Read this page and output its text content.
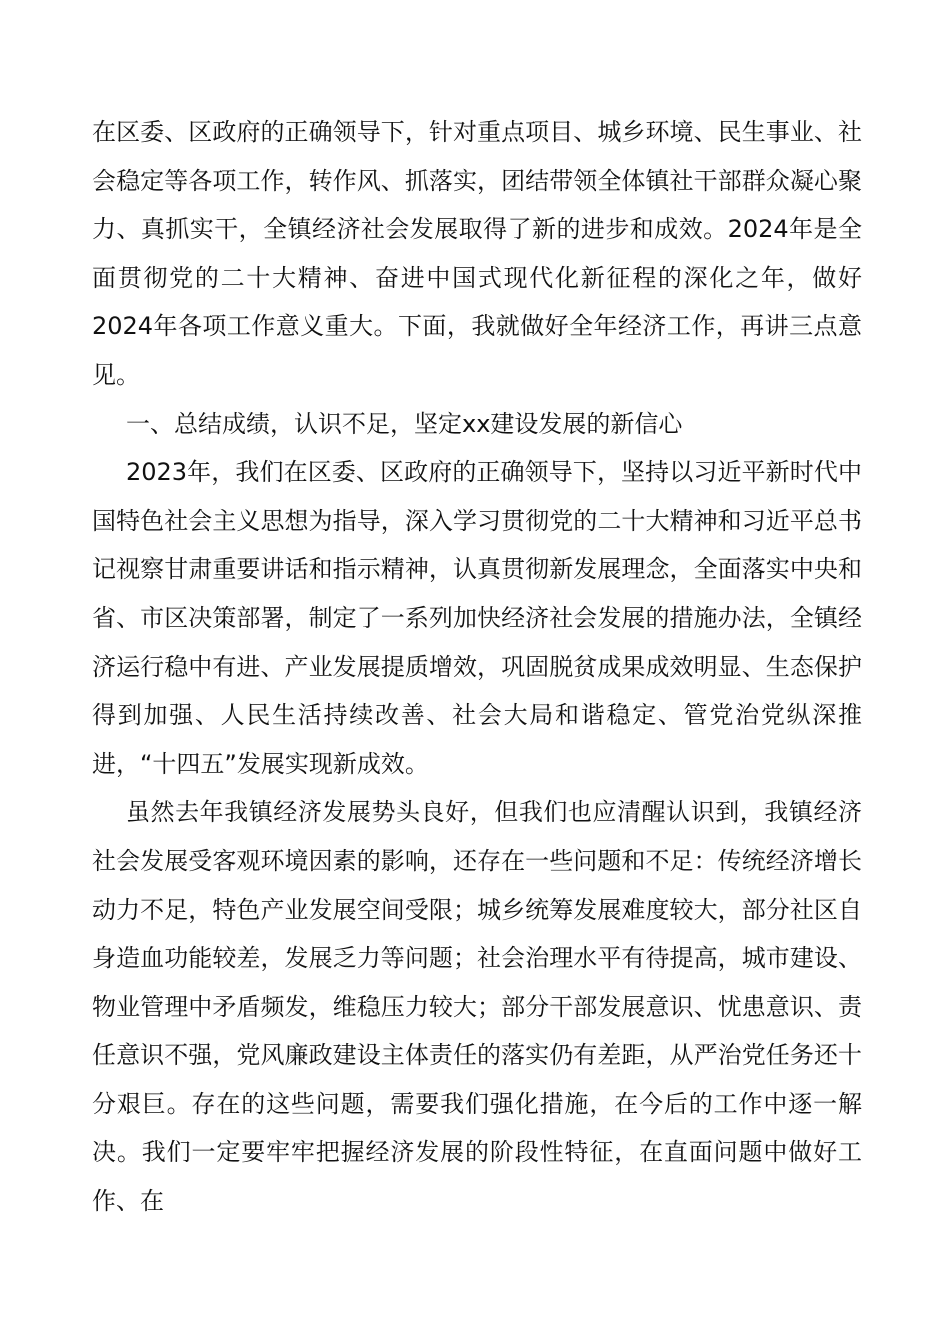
在区委、区政府的正确领导下，针对重点项目、城乡环境、民生事业、社会稳定等各项工作，转作风、抓落实，团结带领全体镇社干部群众凝心聚力、真抓实干，全镇经济社会发展取得了新的进步和成效。2024年是全面贯彻党的二十大精神、奋进中国式现代化新征程的深化之年，做好2024年各项工作意义重大。下面，我就做好全年经济工作，再讲三点意见。

一、总结成绩，认识不足，坚定xx建设发展的新信心

2023年，我们在区委、区政府的正确领导下，坚持以习近平新时代中国特色社会主义思想为指导，深入学习贯彻党的二十大精神和习近平总书记视察甘肃重要讲话和指示精神，认真贯彻新发展理念，全面落实中央和省、市区决策部署，制定了一系列加快经济社会发展的措施办法，全镇经济运行稳中有进、产业发展提质增效，巩固脱贫成果成效明显、生态保护得到加强、人民生活持续改善、社会大局和谐稳定、管党治党纵深推进，“十四五”发展实现新成效。

虽然去年我镇经济发展势头良好，但我们也应清醒认识到，我镇经济社会发展受客观环境因素的影响，还存在一些问题和不足：传统经济增长动力不足，特色产业发展空间受限；城乡统筹发展难度较大，部分社区自身造血功能较差，发展乏力等问题；社会治理水平有待提高，城市建设、物业管理中矛盾频发，维稳压力较大；部分干部发展意识、忧患意识、责任意识不强，党风廉政建设主体责任的落实仍有差距，从严治党任务还十分艰巨。存在的这些问题，需要我们强化措施，在今后的工作中逐一解决。我们一定要牢牢把握经济发展的阶段性特征，在直面问题中做好工作、在
